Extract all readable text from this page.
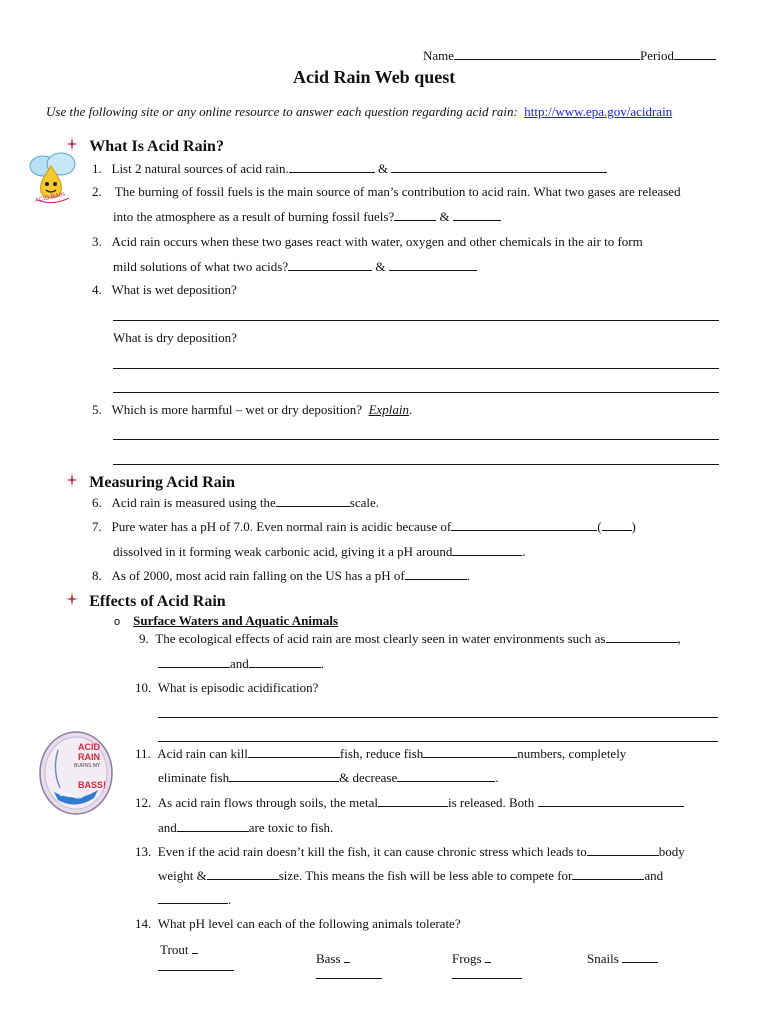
Name	Period
Acid Rain Web quest
Use the following site or any online resource to answer each question regarding acid rain: http://www.epa.gov/acidrain
What Is Acid Rain?
ACID RAIN
1. List 2 natural sources of acid rain.	&
2. The burning of fossil fuels is the main source of man’s contribution to acid rain. What two gases are released
into the atmosphere as a result of burning fossil fuels?	&
3. Acid rain occurs when these two gases react with water, oxygen and other chemicals in the air to form
mild solutions of what two acids?	&
4. What is wet deposition?
What is dry deposition?
5. Which is more harmful – wet or dry deposition? Explain.
Measuring Acid Rain
6. Acid rain is measured using the	scale.
7. Pure water has a pH of 7.0. Even normal rain is acidic because of	( )
dissolved in it forming weak carbonic acid, giving it a pH around	.
8. As of 2000, most acid rain falling on the US has a pH of	.
Effects of Acid Rain
o Surface Waters and Aquatic Animals
9. The ecological effects of acid rain are most clearly seen in water environments such as	,
and	.
10. What is episodic acidification?
ACID
RAIN
BURNS MY
BASS!
11. Acid rain can kill	fish, reduce fish	numbers, completely
eliminate fish	& decrease	.
12. As acid rain flows through soils, the metal	is released. Both
and	are toxic to fish.
13. Even if the acid rain doesn’t kill the fish, it can cause chronic stress which leads to	body
weight &	size. This means the fish will be less able to compete for	and
.
14. What pH level can each of the following animals tolerate?
Trout
Bass	Frogs	Snails
